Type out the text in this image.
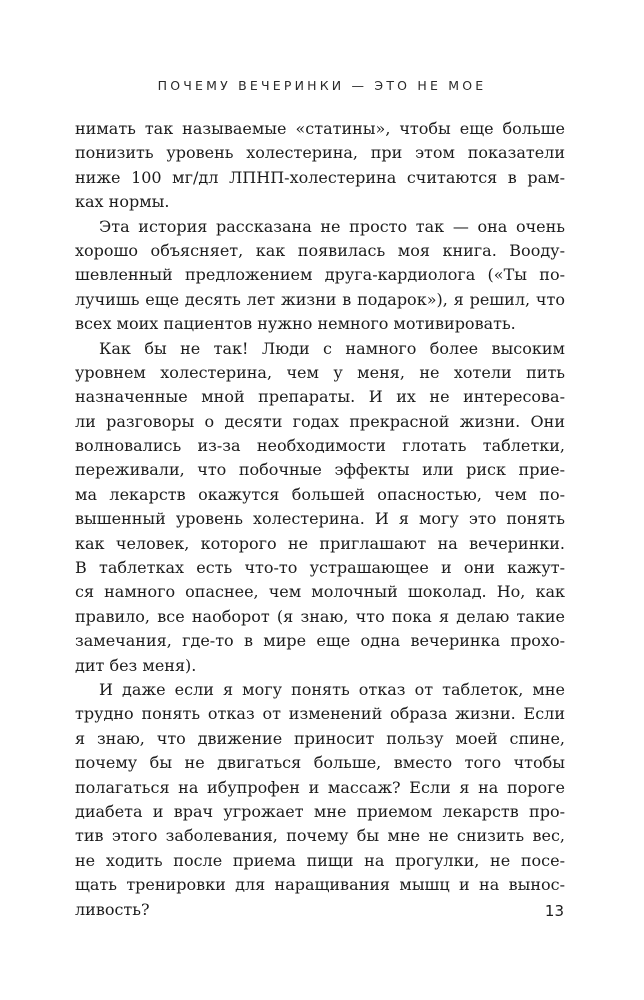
ПОЧЕМУ ВЕЧЕРИНКИ — ЭТО НЕ МОЕ

нимать так называемые «статины», чтобы еще больше
понизить уровень холестерина, при этом показатели
ниже 100 мг/дл ЛПНП-холестерина считаются в рам-
ках нормы.

Эта история рассказана не просто так — она очень
хорошо объясняет, как появилась моя книга. Вооду-
шевленный предложением друга-кардиолога («Ты по-
лучишь еще десять лет жизни в подарок»), я решил, что
всех моих пациентов нужно немного мотивировать.

Как бы не так! Люди с намного более высоким
уровнем холестерина, чем у меня, не хотели пить
назначенные мной препараты. И их не интересова-
ли разговоры о десяти годах прекрасной жизни. Они
волновались из-за необходимости глотать таблетки,
переживали, что побочные эффекты или риск прие-
ма лекарств окажутся большей опасностью, чем по-
вышенный уровень холестерина. И я могу это понять
как человек, которого не приглашают на вечеринки.
В таблетках есть что-то устрашающее и они кажут-
ся намного опаснее, чем молочный шоколад. Но, как
правило, все наоборот (я знаю, что пока я делаю такие
замечания, где-то в мире еще одна вечеринка прохо-
дит без меня).

И даже если я могу понять отказ от таблеток, мне
трудно понять отказ от изменений образа жизни. Если
я знаю, что движение приносит пользу моей спине,
почему бы не двигаться больше, вместо того чтобы
полагаться на ибупрофен и массаж? Если я на пороге
диабета и врач угрожает мне приемом лекарств про-
тив этого заболевания, почему бы мне не снизить вес,
не ходить после приема пищи на прогулки, не посе-
щать тренировки для наращивания мышц и на вынос-
ливость?	13
